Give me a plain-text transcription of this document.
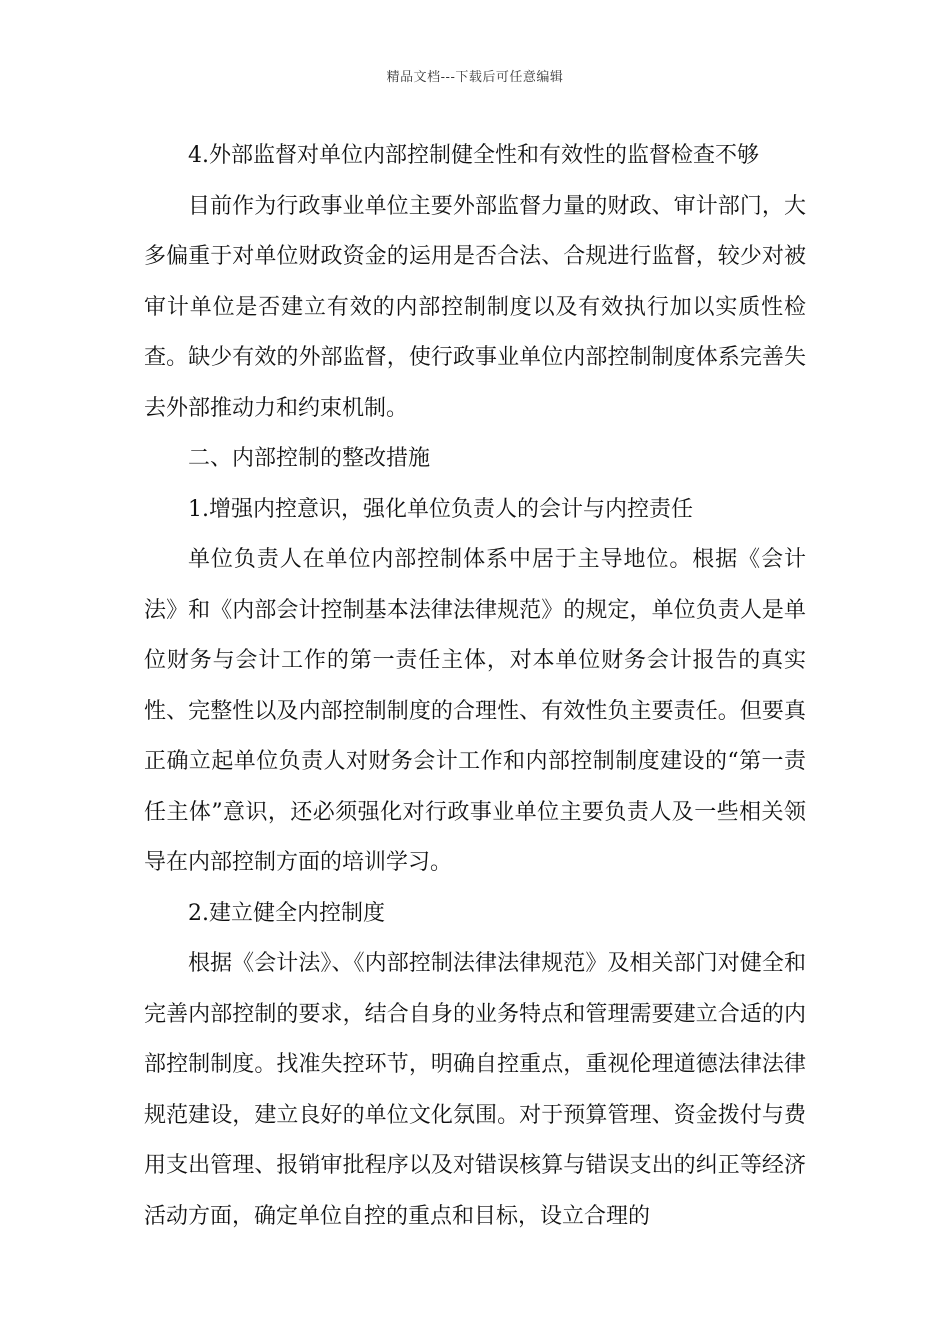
精品文档---下载后可任意编辑

4.外部监督对单位内部控制健全性和有效性的监督检查不够

目前作为行政事业单位主要外部监督力量的财政、审计部门，大多偏重于对单位财政资金的运用是否合法、合规进行监督，较少对被审计单位是否建立有效的内部控制制度以及有效执行加以实质性检查。缺少有效的外部监督，使行政事业单位内部控制制度体系完善失去外部推动力和约束机制。

二、内部控制的整改措施

1.增强内控意识，强化单位负责人的会计与内控责任

单位负责人在单位内部控制体系中居于主导地位。根据《会计法》和《内部会计控制基本法律法律规范》的规定，单位负责人是单位财务与会计工作的第一责任主体，对本单位财务会计报告的真实性、完整性以及内部控制制度的合理性、有效性负主要责任。但要真正确立起单位负责人对财务会计工作和内部控制制度建设的“第一责任主体”意识，还必须强化对行政事业单位主要负责人及一些相关领导在内部控制方面的培训学习。

2.建立健全内控制度

根据《会计法》、《内部控制法律法律规范》及相关部门对健全和完善内部控制的要求，结合自身的业务特点和管理需要建立合适的内部控制制度。找准失控环节，明确自控重点，重视伦理道德法律法律规范建设，建立良好的单位文化氛围。对于预算管理、资金拨付与费用支出管理、报销审批程序以及对错误核算与错误支出的纠正等经济活动方面，确定单位自控的重点和目标，设立合理的
